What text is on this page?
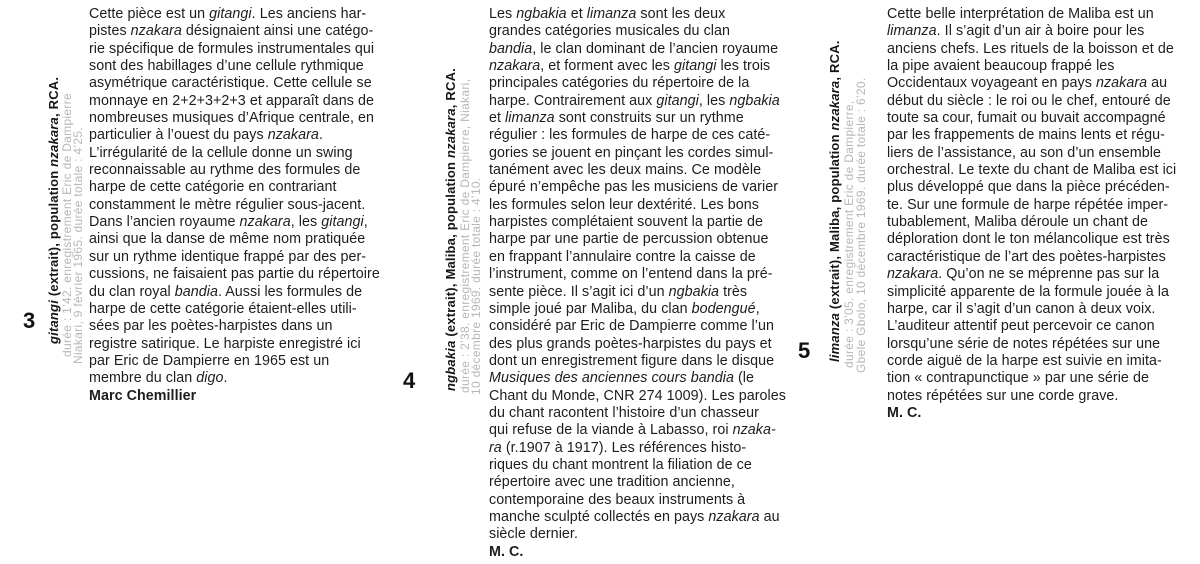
3 gitangi (extrait), population nzakara, RCA. durée : 1’42. enregistrement Eric de Dampierre
Niakari, 9 février 1965. durée totale : 4’25.
Cette pièce est un gitangi. Les anciens har-
pistes nzakara désignaient ainsi une catégo-
rie spécifique de formules instrumentales qui
sont des habillages d’une cellule rythmique
asymétrique caractéristique. Cette cellule se
monnaye en 2+2+3+2+3 et apparaît dans de
nombreuses musiques d’Afrique centrale, en
particulier à l’ouest du pays nzakara.
L’irrégularité de la cellule donne un swing
reconnaissable au rythme des formules de
harpe de cette catégorie en contrariant
constamment le mètre régulier sous-jacent.
Dans l’ancien royaume nzakara, les gitangi,
ainsi que la danse de même nom pratiquée
sur un rythme identique frappé par des per-
cussions, ne faisaient pas partie du répertoire
du clan royal bandia. Aussi les formules de
harpe de cette catégorie étaient-elles utili-
sées par les poètes-harpistes dans un
registre satirique. Le harpiste enregistré ici
par Eric de Dampierre en 1965 est un
membre du clan digo.
Marc Chemillier
4 ngbakia (extrait), Maliba, population nzakara, RCA. durée : 2’38. enregistrement Eric de Dampierre, Niakari,
10 décembre 1969. durée totale : 4’10.
Les ngbakia et limanza sont les deux
grandes catégories musicales du clan
bandia, le clan dominant de l’ancien royaume
nzakara, et forment avec les gitangi les trois
principales catégories du répertoire de la
harpe. Contrairement aux gitangi, les ngbakia
et limanza sont construits sur un rythme
régulier : les formules de harpe de ces caté-
gories se jouent en pinçant les cordes simul-
tanément avec les deux mains. Ce modèle
épuré n’empêche pas les musiciens de varier
les formules selon leur dextérité. Les bons
harpistes complétaient souvent la partie de
harpe par une partie de percussion obtenue
en frappant l’annulaire contre la caisse de
l’instrument, comme on l’entend dans la pré-
sente pièce. Il s’agit ici d’un ngbakia très
simple joué par Maliba, du clan bodengué,
considéré par Eric de Dampierre comme l’un
des plus grands poètes-harpistes du pays et
dont un enregistrement figure dans le disque
Musiques des anciennes cours bandia (le
Chant du Monde, CNR 274 1009). Les paroles
du chant racontent l’histoire d’un chasseur
qui refuse de la viande à Labasso, roi nzaka-
ra (r.1907 à 1917). Les références histo-
riques du chant montrent la filiation de ce
répertoire avec une tradition ancienne,
contemporaine des beaux instruments à
manche sculpté collectés en pays nzakara au
siècle dernier.
M. C.
5 limanza (extrait), Maliba, population nzakara, RCA.
durée : 3’05. enregistrement Eric de Dampierre,
Gbele Gbolo, 10 décembre 1969. durée totale : 6’20.
Cette belle interprétation de Maliba est un
limanza. Il s’agit d’un air à boire pour les
anciens chefs. Les rituels de la boisson et de
la pipe avaient beaucoup frappé les
Occidentaux voyageant en pays nzakara au
début du siècle : le roi ou le chef, entouré de
toute sa cour, fumait ou buvait accompagné
par les frappements de mains lents et régu-
liers de l’assistance, au son d’un ensemble
orchestral. Le texte du chant de Maliba est ici
plus développé que dans la pièce précéden-
te. Sur une formule de harpe répétée imper-
tubablement, Maliba déroule un chant de
déploration dont le ton mélancolique est très
caractéristique de l’art des poètes-harpistes
nzakara. Qu’on ne se méprenne pas sur la
simplicité apparente de la formule jouée à la
harpe, car il s’agit d’un canon à deux voix.
L’auditeur attentif peut percevoir ce canon
lorsqu’une série de notes répétées sur une
corde aiguë de la harpe est suivie en imita-
tion « contrapunctique » par une série de
notes répétées sur une corde grave.
M. C.
